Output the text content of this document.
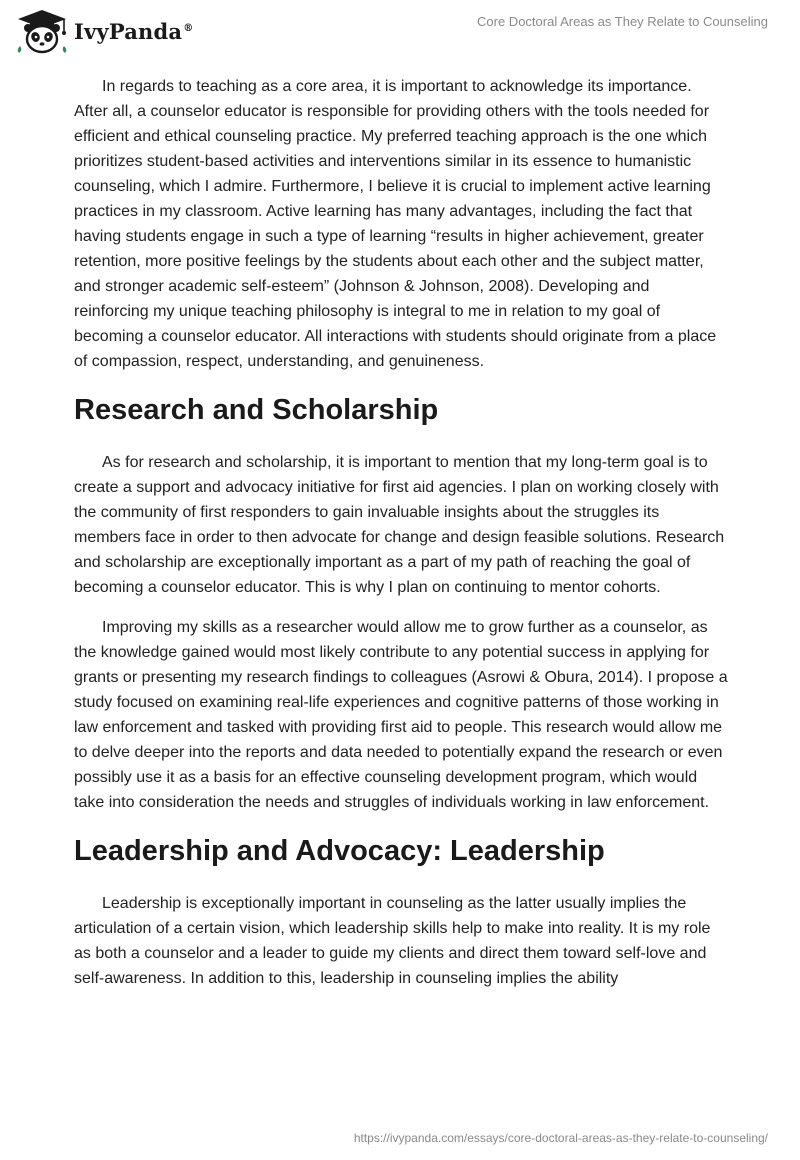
IvyPanda®	Core Doctoral Areas as They Relate to Counseling

In regards to teaching as a core area, it is important to acknowledge its importance. After all, a counselor educator is responsible for providing others with the tools needed for efficient and ethical counseling practice. My preferred teaching approach is the one which prioritizes student-based activities and interventions similar in its essence to humanistic counseling, which I admire. Furthermore, I believe it is crucial to implement active learning practices in my classroom. Active learning has many advantages, including the fact that having students engage in such a type of learning “results in higher achievement, greater retention, more positive feelings by the students about each other and the subject matter, and stronger academic self-esteem” (Johnson & Johnson, 2008). Developing and reinforcing my unique teaching philosophy is integral to me in relation to my goal of becoming a counselor educator. All interactions with students should originate from a place of compassion, respect, understanding, and genuineness.

Research and Scholarship

As for research and scholarship, it is important to mention that my long-term goal is to create a support and advocacy initiative for first aid agencies. I plan on working closely with the community of first responders to gain invaluable insights about the struggles its members face in order to then advocate for change and design feasible solutions. Research and scholarship are exceptionally important as a part of my path of reaching the goal of becoming a counselor educator. This is why I plan on continuing to mentor cohorts.

Improving my skills as a researcher would allow me to grow further as a counselor, as the knowledge gained would most likely contribute to any potential success in applying for grants or presenting my research findings to colleagues (Asrowi & Obura, 2014). I propose a study focused on examining real-life experiences and cognitive patterns of those working in law enforcement and tasked with providing first aid to people. This research would allow me to delve deeper into the reports and data needed to potentially expand the research or even possibly use it as a basis for an effective counseling development program, which would take into consideration the needs and struggles of individuals working in law enforcement.

Leadership and Advocacy: Leadership

Leadership is exceptionally important in counseling as the latter usually implies the articulation of a certain vision, which leadership skills help to make into reality. It is my role as both a counselor and a leader to guide my clients and direct them toward self-love and self-awareness. In addition to this, leadership in counseling implies the ability

https://ivypanda.com/essays/core-doctoral-areas-as-they-relate-to-counseling/
